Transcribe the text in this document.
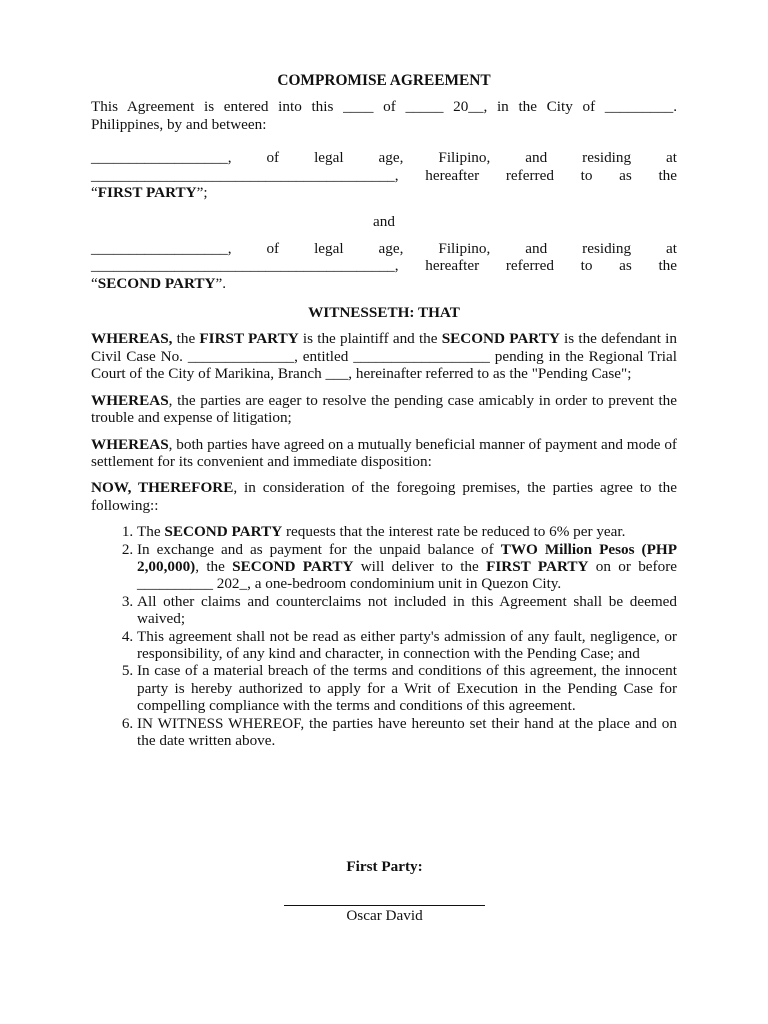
COMPROMISE AGREEMENT

This Agreement is entered into this ____ of _____ 20__, in the City of _________.

Philippines, by and between:

__________________, of legal age, Filipino, and residing at

________________________________________, hereafter referred to as the

“FIRST PARTY”;

and

__________________, of legal age, Filipino, and residing at

________________________________________, hereafter referred to as the

“SECOND PARTY”.

WITNESSETH: THAT

WHEREAS, the FIRST PARTY is the plaintiff and the SECOND PARTY is the defendant in Civil Case No. ______________, entitled __________________ pending in the Regional Trial Court of the City of Marikina, Branch ___, hereinafter referred to as the "Pending Case";

WHEREAS, the parties are eager to resolve the pending case amicably in order to prevent the trouble and expense of litigation;

WHEREAS, both parties have agreed on a mutually beneficial manner of payment and mode of settlement for its convenient and immediate disposition:

NOW, THEREFORE, in consideration of the foregoing premises, the parties agree to the following::

1. The SECOND PARTY requests that the interest rate be reduced to 6% per year.
2. In exchange and as payment for the unpaid balance of TWO Million Pesos (PHP 2,00,000), the SECOND PARTY will deliver to the FIRST PARTY on or before __________ 202_, a one-bedroom condominium unit in Quezon City.
3. All other claims and counterclaims not included in this Agreement shall be deemed waived;
4. This agreement shall not be read as either party's admission of any fault, negligence, or responsibility, of any kind and character, in connection with the Pending Case; and
5. In case of a material breach of the terms and conditions of this agreement, the innocent party is hereby authorized to apply for a Writ of Execution in the Pending Case for compelling compliance with the terms and conditions of this agreement.
6. IN WITNESS WHEREOF, the parties have hereunto set their hand at the place and on the date written above.
First Party:
Oscar David
